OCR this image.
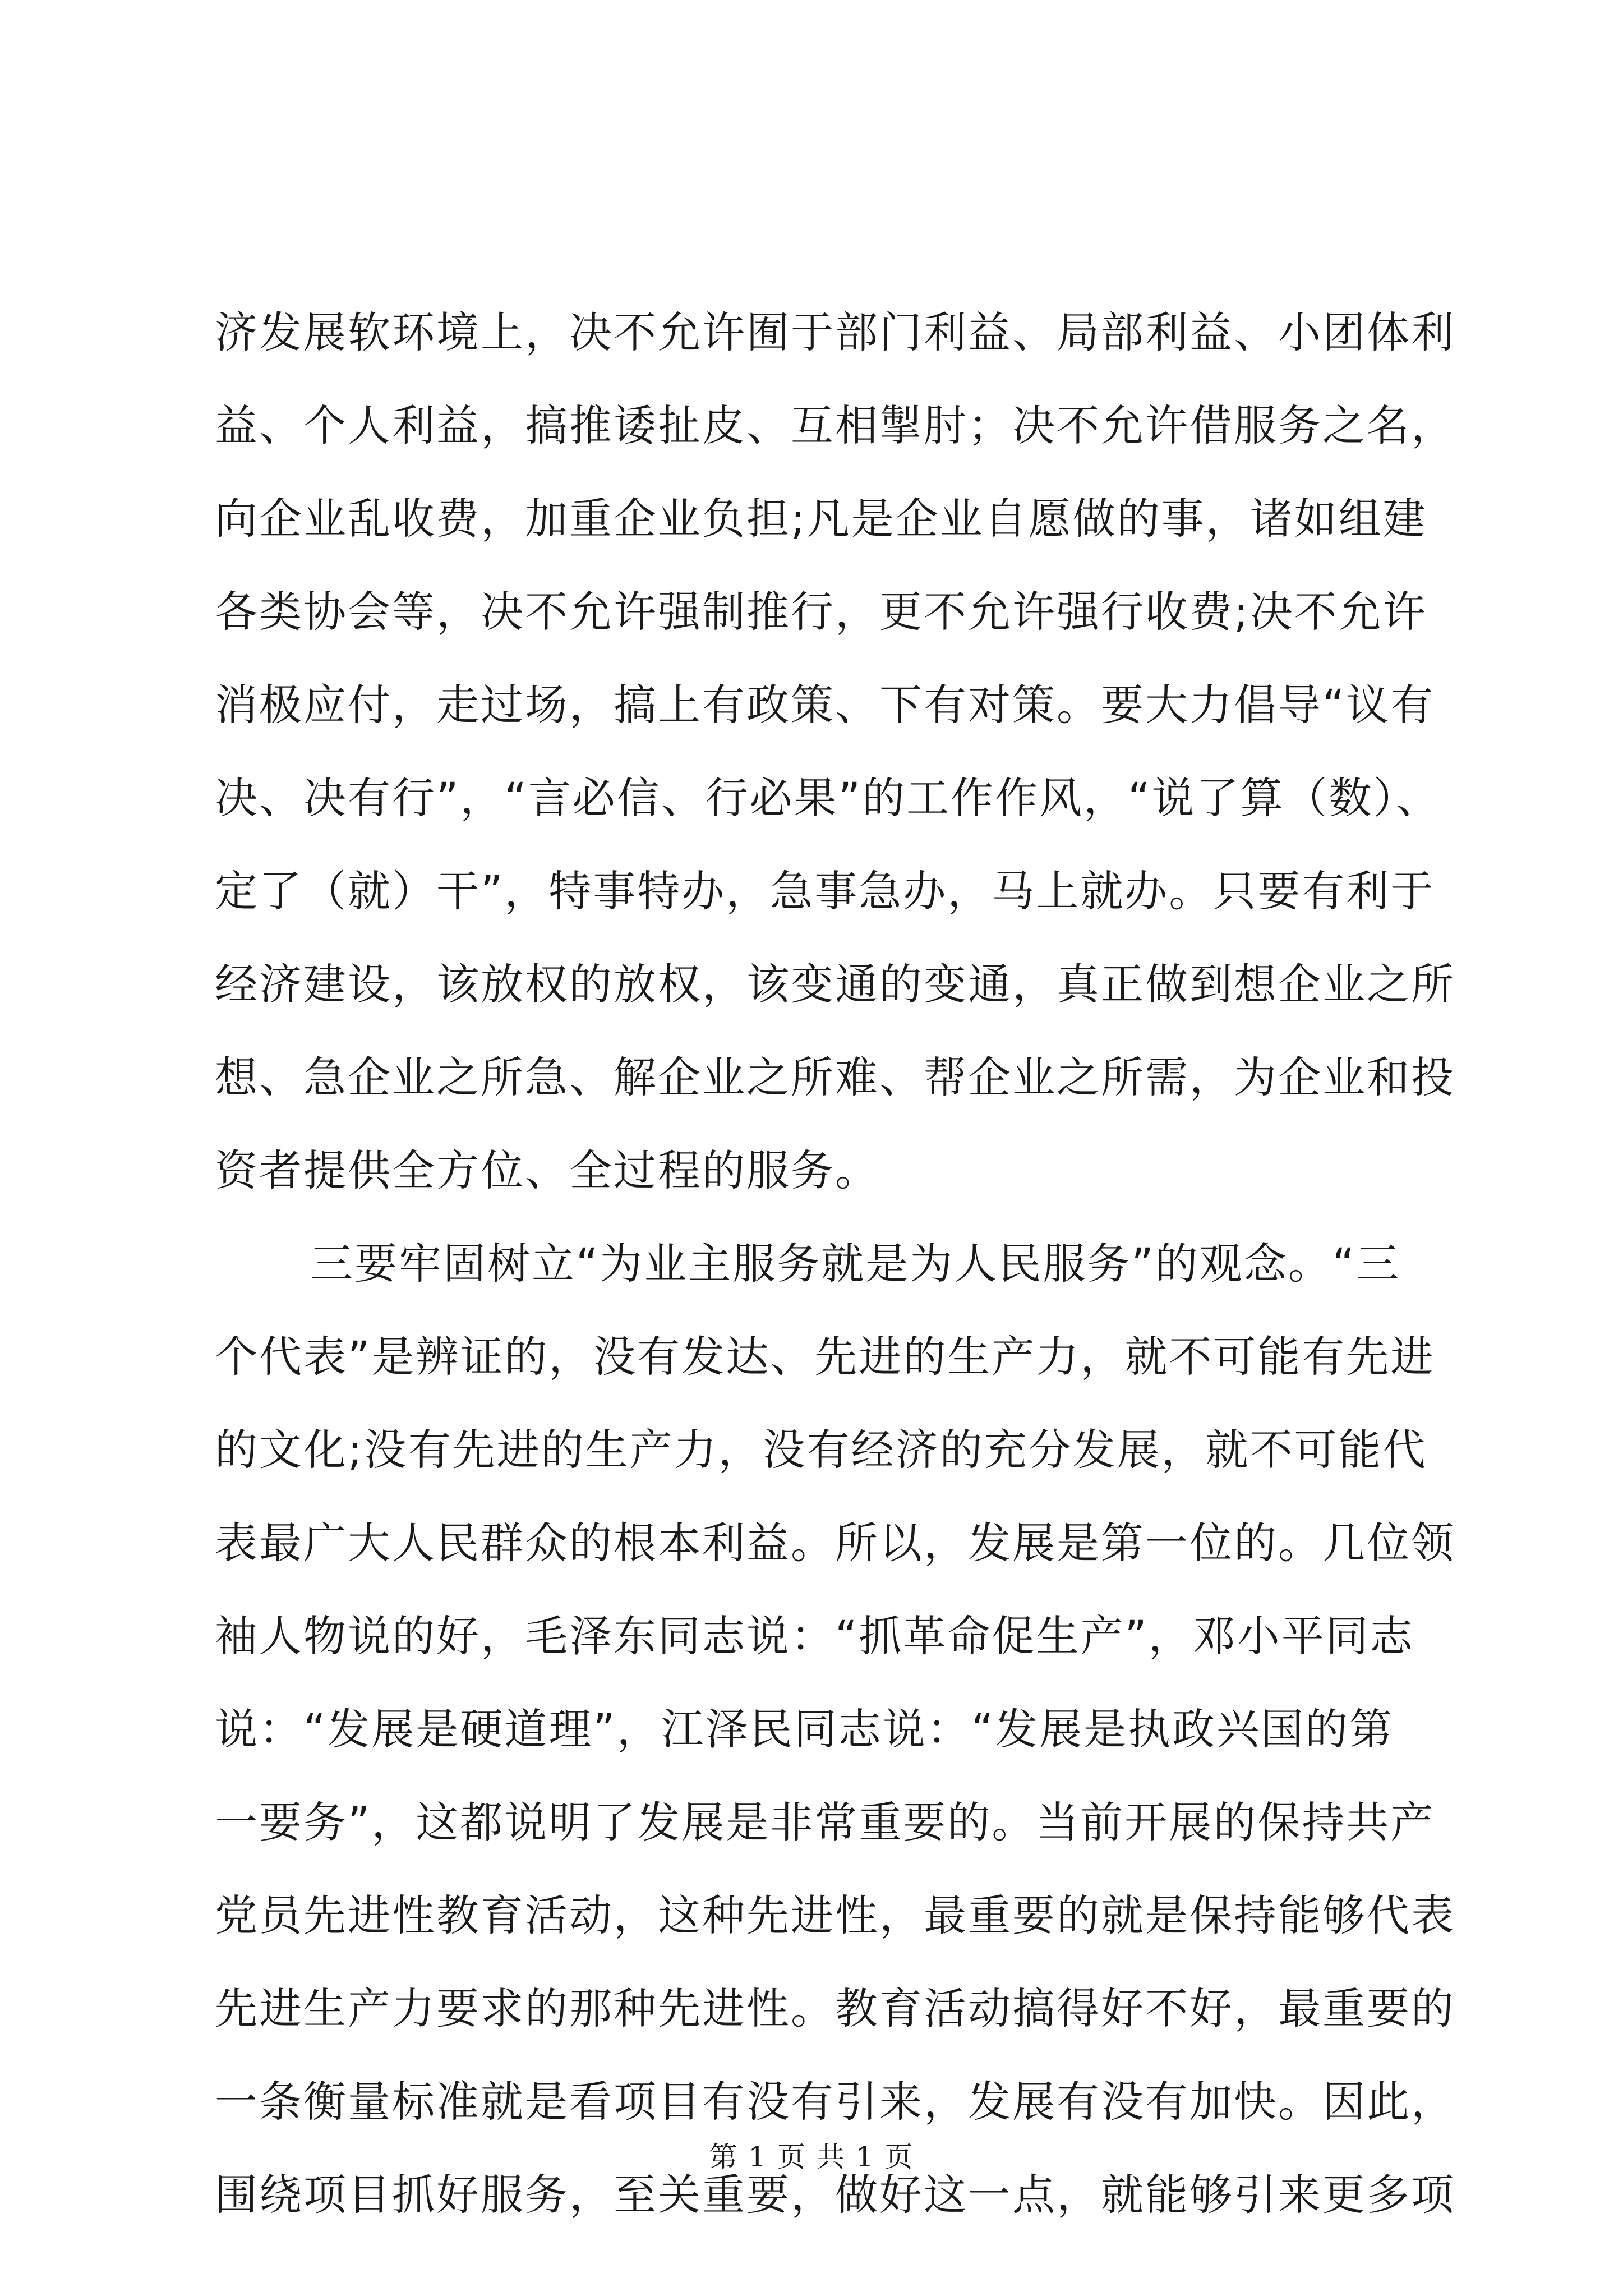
济发展软环境上，决不允许囿于部门利益、局部利益、小团体利
益、个人利益，搞推诿扯皮、互相掣肘；决不允许借服务之名，
向企业乱收费，加重企业负担;凡是企业自愿做的事，诸如组建
各类协会等，决不允许强制推行，更不允许强行收费;决不允许
消极应付，走过场，搞上有政策、下有对策。要大力倡导“议有
决、决有行”，“言必信、行必果”的工作作风，“说了算（数）、
定了（就）干”，特事特办，急事急办，马上就办。只要有利于
经济建设，该放权的放权，该变通的变通，真正做到想企业之所
想、急企业之所急、解企业之所难、帮企业之所需，为企业和投
资者提供全方位、全过程的服务。
三要牢固树立“为业主服务就是为人民服务”的观念。“三
个代表”是辨证的，没有发达、先进的生产力，就不可能有先进
的文化;没有先进的生产力，没有经济的充分发展，就不可能代
表最广大人民群众的根本利益。所以，发展是第一位的。几位领
袖人物说的好，毛泽东同志说：“抓革命促生产”，邓小平同志
说：“发展是硬道理”，江泽民同志说：“发展是执政兴国的第
一要务”，这都说明了发展是非常重要的。当前开展的保持共产
党员先进性教育活动，这种先进性，最重要的就是保持能够代表
先进生产力要求的那种先进性。教育活动搞得好不好，最重要的
一条衡量标准就是看项目有没有引来，发展有没有加快。因此，
围绕项目抓好服务，至关重要，做好这一点，就能够引来更多项
第 1 页 共 1 页
